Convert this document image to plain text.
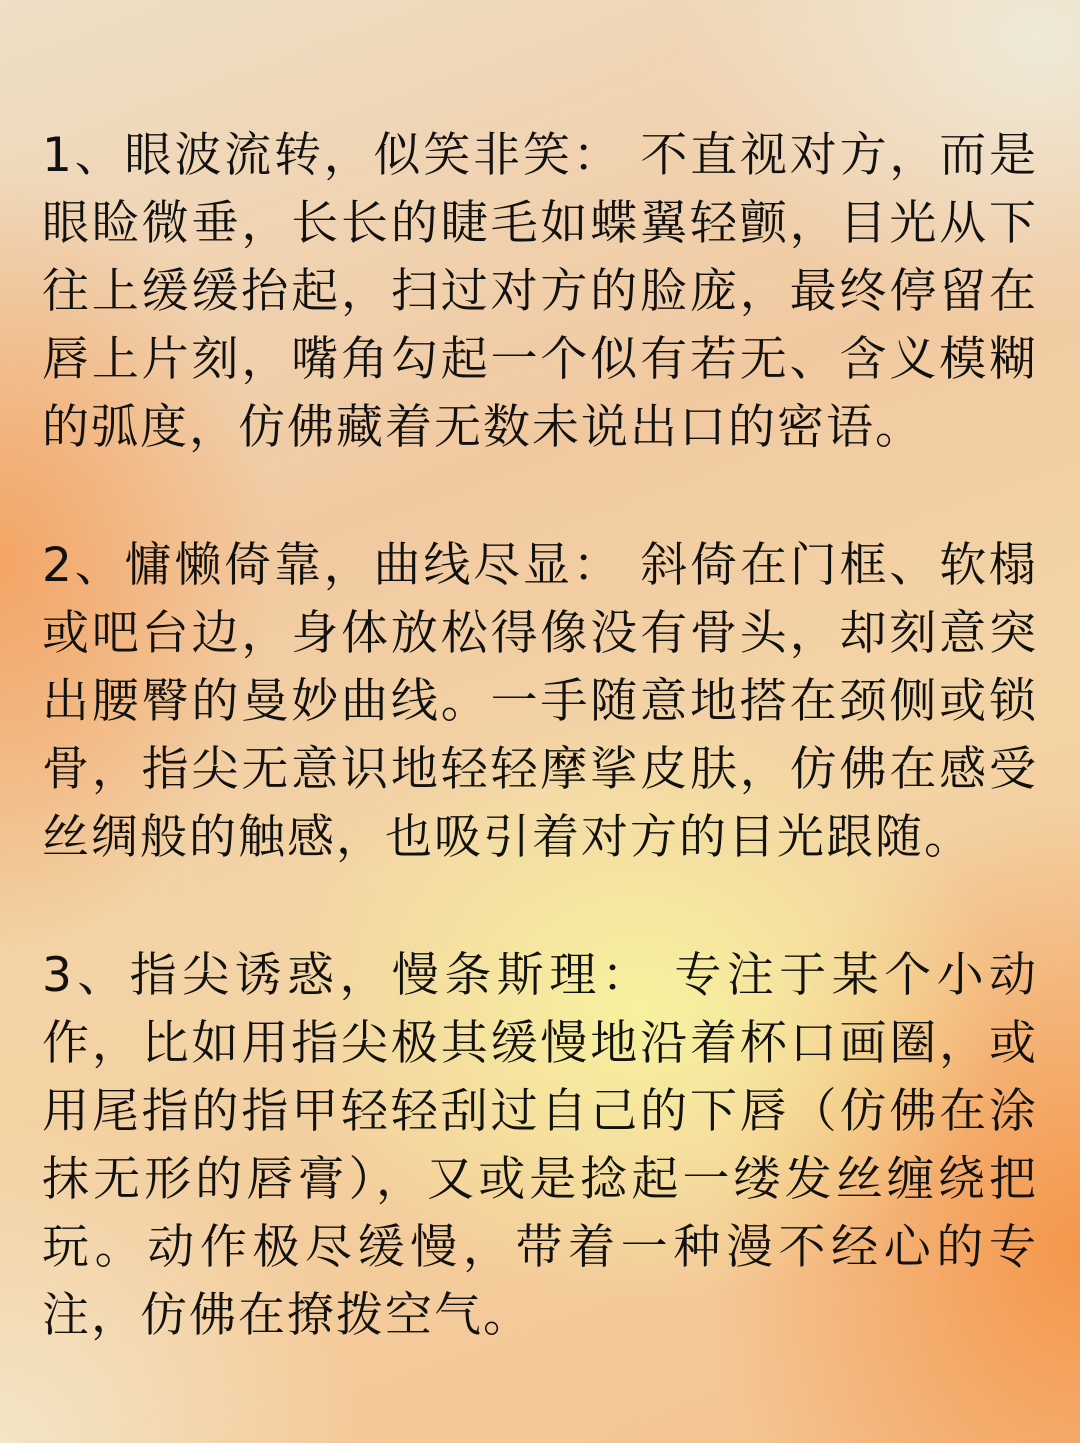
1、眼波流转，似笑非笑： 不直视对方，而是眼睑微垂，长长的睫毛如蝶翼轻颤，目光从下往上缓缓抬起，扫过对方的脸庞，最终停留在唇上片刻，嘴角勾起一个似有若无、含义模糊的弧度，仿佛藏着无数未说出口的密语。

2、慵懒倚靠，曲线尽显： 斜倚在门框、软榻或吧台边，身体放松得像没有骨头，却刻意突出腰臀的曼妙曲线。一手随意地搭在颈侧或锁骨，指尖无意识地轻轻摩挲皮肤，仿佛在感受丝绸般的触感，也吸引着对方的目光跟随。

3、指尖诱惑，慢条斯理： 专注于某个小动作，比如用指尖极其缓慢地沿着杯口画圈，或用尾指的指甲轻轻刮过自己的下唇（仿佛在涂抹无形的唇膏），又或是捻起一缕发丝缠绕把玩。动作极尽缓慢，带着一种漫不经心的专注，仿佛在撩拨空气。
